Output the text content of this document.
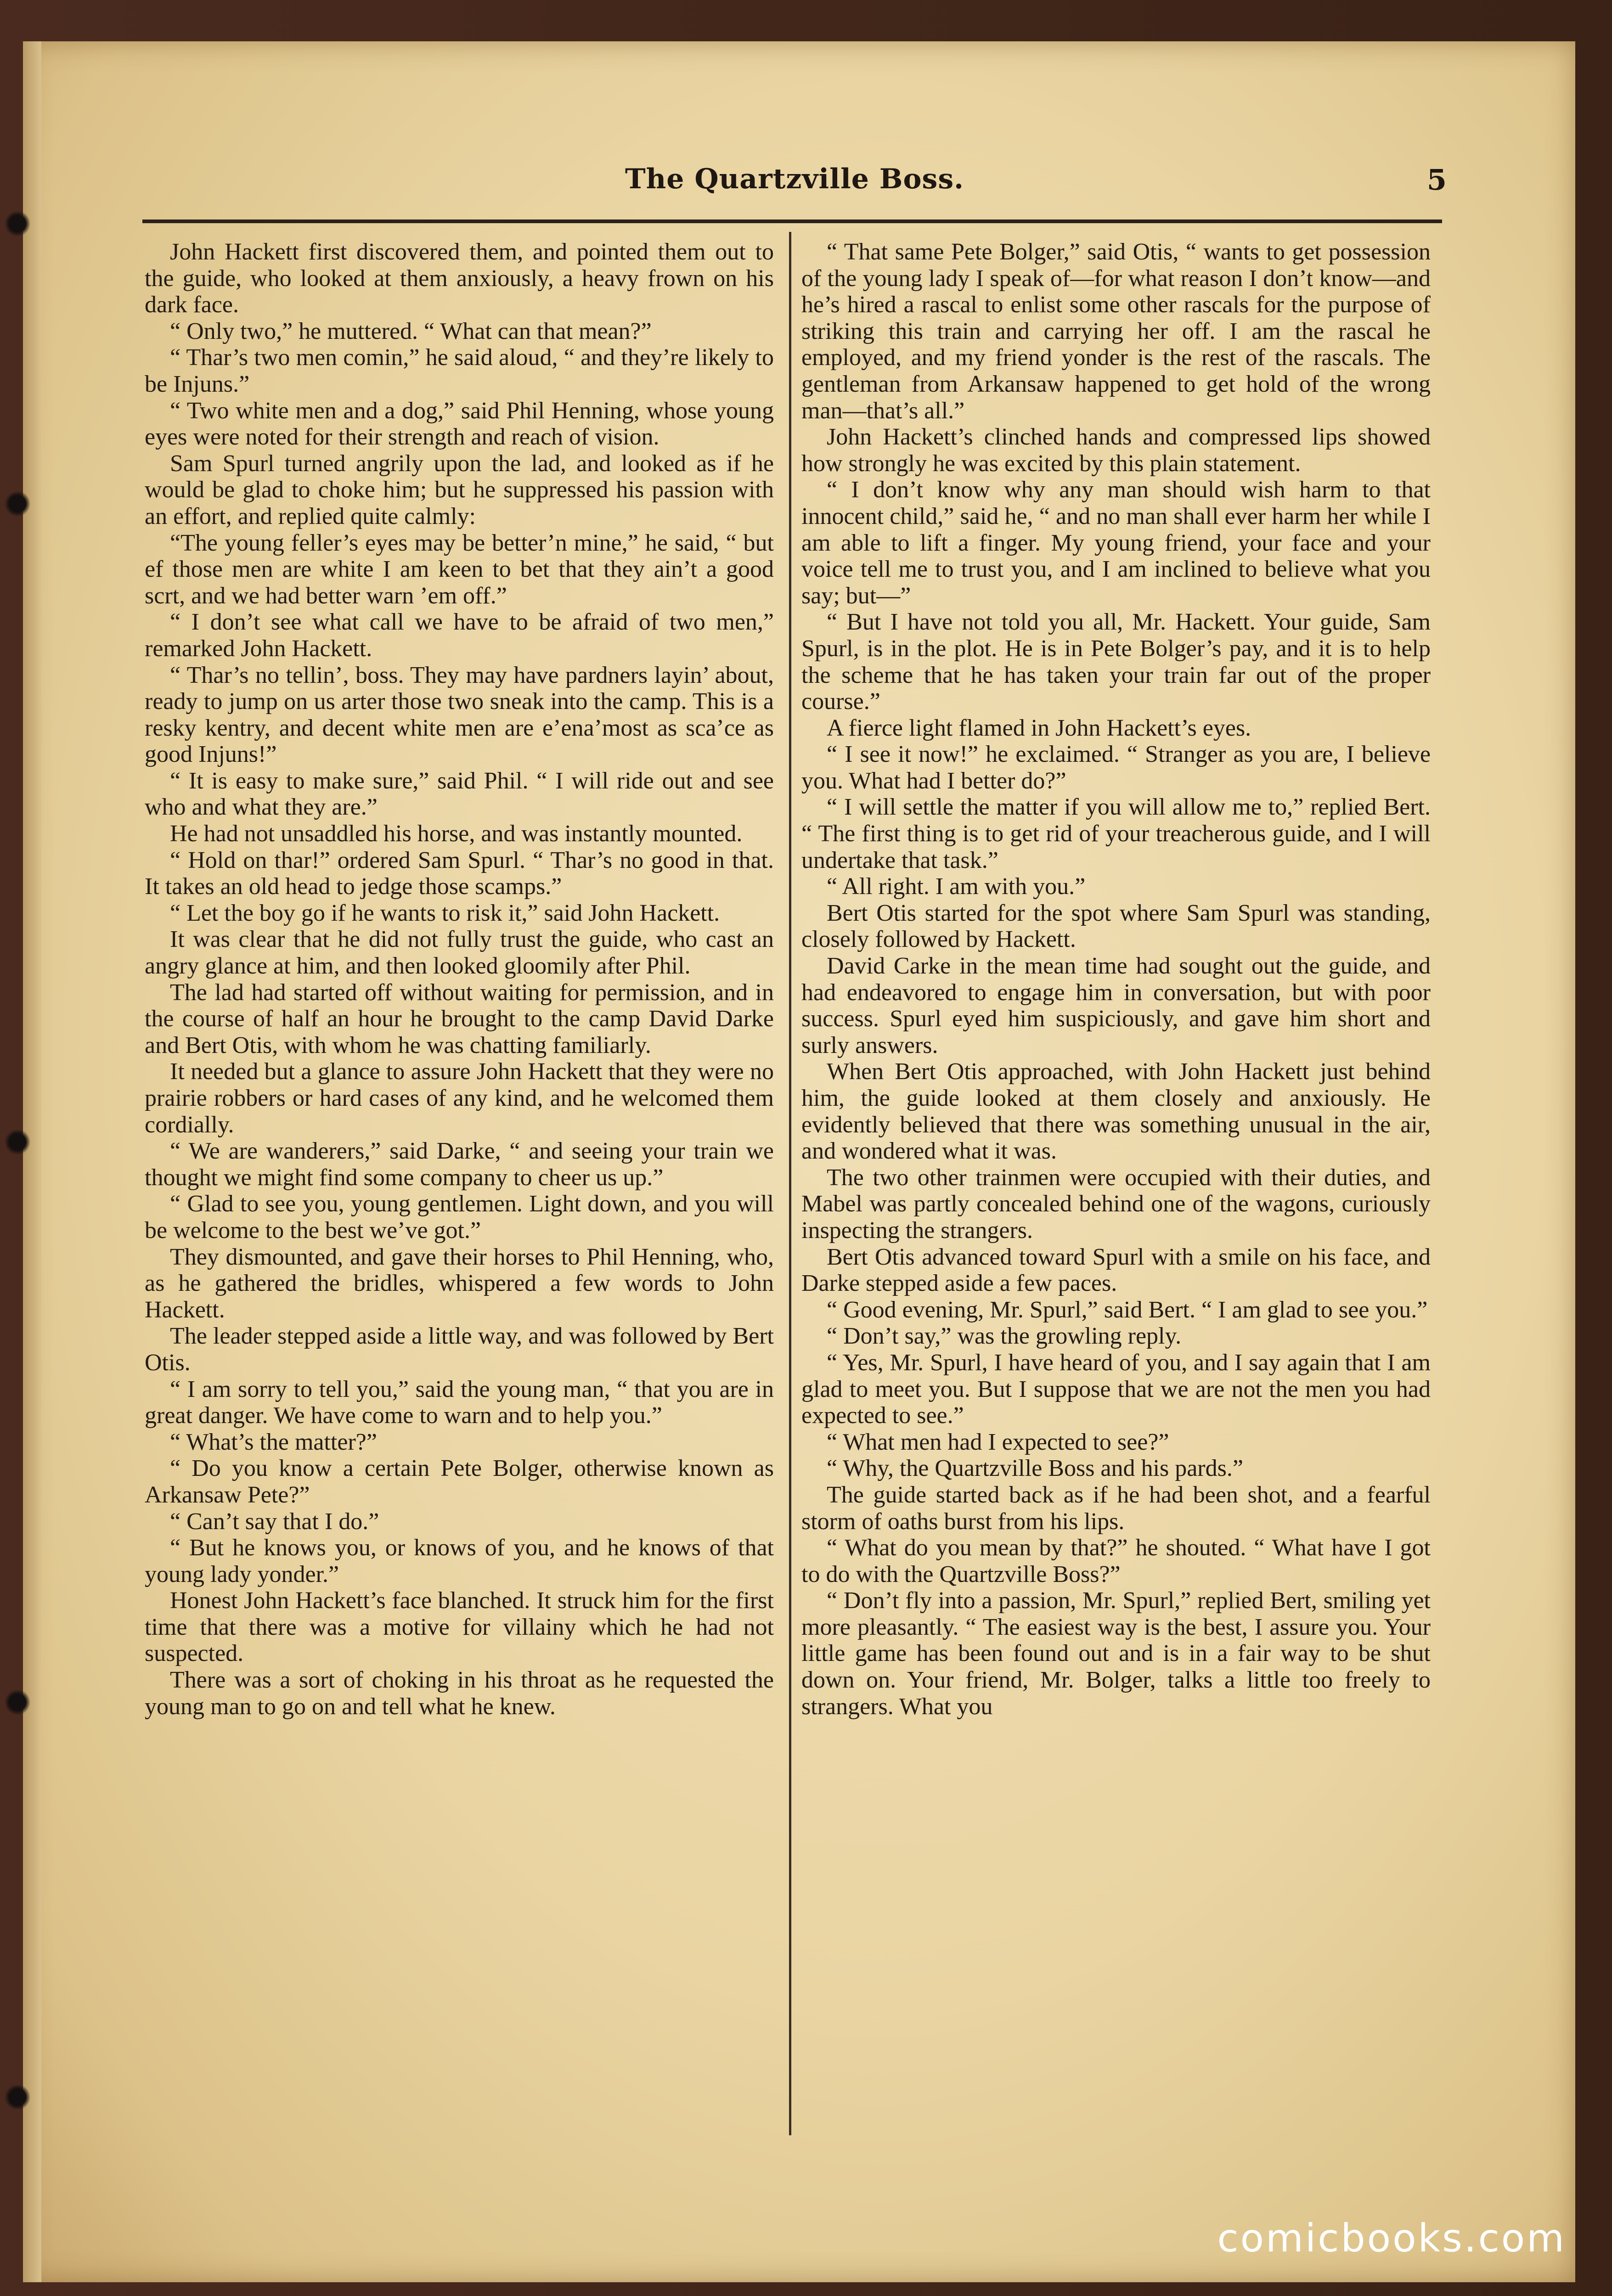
The Quartzville Boss.	5

John Hackett first discovered them, and pointed them out to the guide, who looked at them anxiously, a heavy frown on his dark face.

“ Only two,” he muttered. “ What can that mean?”

“ Thar’s two men comin,” he said aloud, “ and they’re likely to be Injuns.”

“ Two white men and a dog,” said Phil Henning, whose young eyes were noted for their strength and reach of vision.

Sam Spurl turned angrily upon the lad, and looked as if he would be glad to choke him; but he suppressed his passion with an effort, and replied quite calmly:

“The young feller’s eyes may be better’n mine,” he said, “ but ef those men are white I am keen to bet that they ain’t a good scrt, and we had better warn ’em off.”

“ I don’t see what call we have to be afraid of two men,” remarked John Hackett.

“ Thar’s no tellin’, boss. They may have pardners layin’ about, ready to jump on us arter those two sneak into the camp. This is a resky kentry, and decent white men are e’ena’most as sca’ce as good Injuns!”

“ It is easy to make sure,” said Phil. “ I will ride out and see who and what they are.”

He had not unsaddled his horse, and was instantly mounted.

“ Hold on thar!” ordered Sam Spurl. “ Thar’s no good in that. It takes an old head to jedge those scamps.”

“ Let the boy go if he wants to risk it,” said John Hackett.

It was clear that he did not fully trust the guide, who cast an angry glance at him, and then looked gloomily after Phil.

The lad had started off without waiting for permission, and in the course of half an hour he brought to the camp David Darke and Bert Otis, with whom he was chatting familiarly.

It needed but a glance to assure John Hackett that they were no prairie robbers or hard cases of any kind, and he welcomed them cordially.

“ We are wanderers,” said Darke, “ and seeing your train we thought we might find some company to cheer us up.”

“ Glad to see you, young gentlemen. Light down, and you will be welcome to the best we’ve got.”

They dismounted, and gave their horses to Phil Henning, who, as he gathered the bridles, whispered a few words to John Hackett.

The leader stepped aside a little way, and was followed by Bert Otis.

“ I am sorry to tell you,” said the young man, “ that you are in great danger. We have come to warn and to help you.”

“ What’s the matter?”

“ Do you know a certain Pete Bolger, otherwise known as Arkansaw Pete?”

“ Can’t say that I do.”

“ But he knows you, or knows of you, and he knows of that young lady yonder.”

Honest John Hackett’s face blanched. It struck him for the first time that there was a motive for villainy which he had not suspected.

There was a sort of choking in his throat as he requested the young man to go on and tell what he knew.

“ That same Pete Bolger,” said Otis, “ wants to get possession of the young lady I speak of—for what reason I don’t know—and he’s hired a rascal to enlist some other rascals for the purpose of striking this train and carrying her off. I am the rascal he employed, and my friend yonder is the rest of the rascals. The gentleman from Arkansaw happened to get hold of the wrong man—that’s all.”

John Hackett’s clinched hands and compressed lips showed how strongly he was excited by this plain statement.

“ I don’t know why any man should wish harm to that innocent child,” said he, “ and no man shall ever harm her while I am able to lift a finger. My young friend, your face and your voice tell me to trust you, and I am inclined to believe what you say; but—”

“ But I have not told you all, Mr. Hackett. Your guide, Sam Spurl, is in the plot. He is in Pete Bolger’s pay, and it is to help the scheme that he has taken your train far out of the proper course.”

A fierce light flamed in John Hackett’s eyes.

“ I see it now!” he exclaimed. “ Stranger as you are, I believe you. What had I better do?”

“ I will settle the matter if you will allow me to,” replied Bert. “ The first thing is to get rid of your treacherous guide, and I will undertake that task.”

“ All right. I am with you.”

Bert Otis started for the spot where Sam Spurl was standing, closely followed by Hackett.

David Carke in the mean time had sought out the guide, and had endeavored to engage him in conversation, but with poor success. Spurl eyed him suspiciously, and gave him short and surly answers.

When Bert Otis approached, with John Hackett just behind him, the guide looked at them closely and anxiously. He evidently believed that there was something unusual in the air, and wondered what it was.

The two other trainmen were occupied with their duties, and Mabel was partly concealed behind one of the wagons, curiously inspecting the strangers.

Bert Otis advanced toward Spurl with a smile on his face, and Darke stepped aside a few paces.

“ Good evening, Mr. Spurl,” said Bert. “ I am glad to see you.”

“ Don’t say,” was the growling reply.

“ Yes, Mr. Spurl, I have heard of you, and I say again that I am glad to meet you. But I suppose that we are not the men you had expected to see.”

“ What men had I expected to see?”

“ Why, the Quartzville Boss and his pards.”

The guide started back as if he had been shot, and a fearful storm of oaths burst from his lips.

“ What do you mean by that?” he shouted. “ What have I got to do with the Quartzville Boss?”

“ Don’t fly into a passion, Mr. Spurl,” replied Bert, smiling yet more pleasantly. “ The easiest way is the best, I assure you. Your little game has been found out and is in a fair way to be shut down on. Your friend, Mr. Bolger, talks a little too freely to strangers. What you

comicbooks.com
